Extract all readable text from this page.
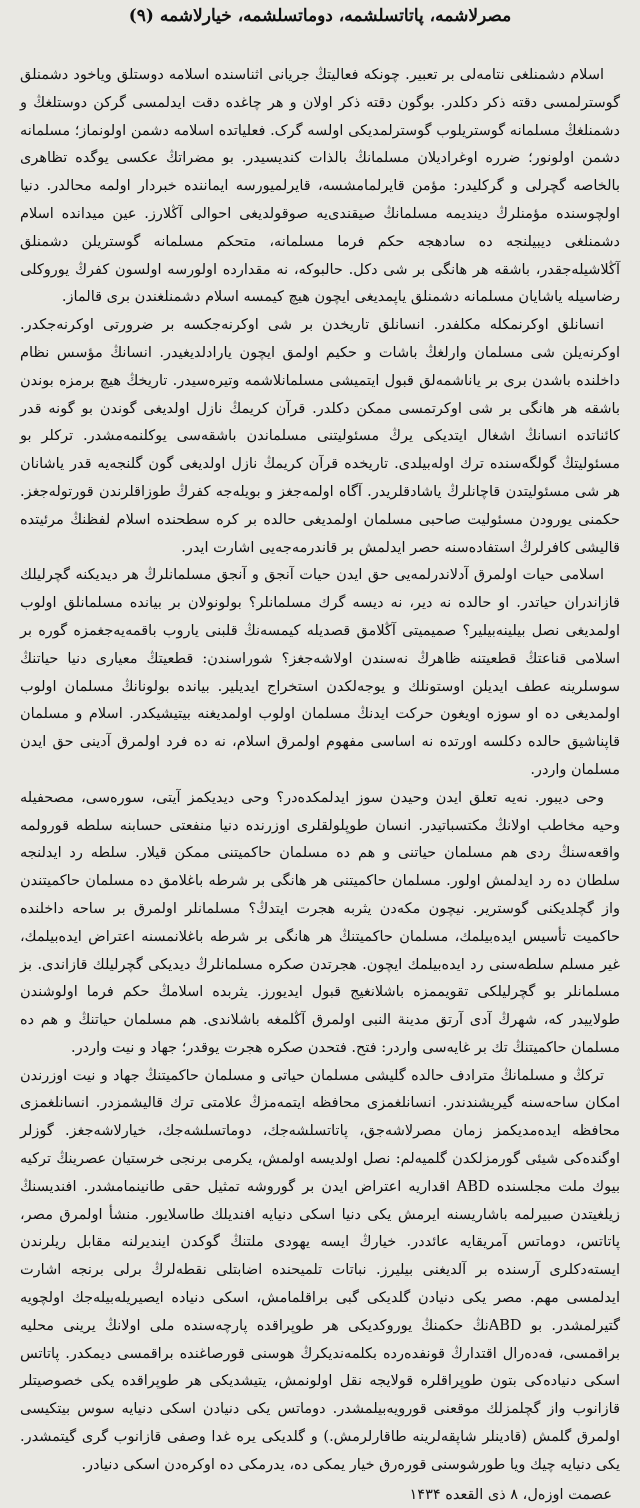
مصرلاشمه، پاتاتسلشمه، دوماتسلشمه، خیارلاشمه (۹)

اسلام دشمنلغی نتامه‌لی بر تعبیر. چونکه فعالیتڭ جریانی اثناسنده اسلامه دوستلق ویاخود دشمنلق گوسترلمسی دقته ذکر دکلدر. بوگون دقته ذکر اولان و هر چاغده دقت ایدلمسی گرکن دوستلغڭ و دشمنلغڭ مسلمانه گوستریلوب گوسترلمدیکی اولسه گرک. فعلیاتده اسلامه دشمن اولونماز؛ مسلمانه دشمن اولونور؛ ضرره اوغرادیلان مسلمانڭ بالذات کندیسیدر. بو مضراتڭ عکسی یوگده تظاهری بالخاصه گچرلی و گرکلیدر: مؤمن قایرلمامشسه، قایرلمیورسه ایماننده خبردار اولمه محالدر. دنیا اولچوسنده مؤمنلرڭ دیندیمه مسلمانڭ صیقندی‌یه صوقولدیغی احوالی آڭلارز. عین میدانده اسلام دشمنلغی دیبیلنجه ده سادهجه حکم فرما مسلمانه، متحکم مسلمانه گوستریلن دشمنلق آڭلاشیله‌جقدر، باشقه هر هانگی بر شی دکل. حالبوکه، نه مقدارده اولورسه اولسون کفرڭ یوروکلی رضاسیله یاشایان مسلمانه دشمنلق یاپمدیغی ایچون هیچ کیمسه اسلام دشمنلغندن بری قالماز.

انسانلق اوکرنمکله مکلفدر. انسانلق تاریخدن بر شی اوکرنه‌جکسه بر ضرورتی اوکرنه‌جکدر. اوکرنه‌یلن شی مسلمان وارلغڭ باشات و حکیم اولمق ایچون یارادلدیغیدر. انسانڭ مؤسس نظام داخلنده باشدن بری بر یاناشمه‌لق قبول ایتمیشی مسلمانلاشمه وتیره‌سیدر. تاریخڭ هیچ برمزه بوندن باشقه هر هانگی بر شی اوکرتمسی ممکن دکلدر. قرآن کریمڭ نازل اولدیغی گوندن بو گونه قدر کائناتده انسانڭ اشغال ایتدیکی یرڭ مسئولیتنی مسلماندن باشقه‌سی یوکلنمه‌مشدر. ترکلر بو مسئولیتڭ گولگه‌سنده ترك اوله‌بیلدی. تاریخده قرآن کریمڭ نازل اولدیغی گون گلنجه‌یه قدر یاشانان هر شی مسئولیتدن قاچانلرڭ یاشادقلریدر. آگاه اولمه‌جغز و بویله‌جه کفرڭ طوزاقلرندن قورتوله‌جغز. حکمنی یورودن مسئولیت صاحبی مسلمان اولمدیغی حالده بر کره سطحنده اسلام لفظنڭ مرئیتده قالیشی کافرلرڭ استفاده‌سنه حصر ایدلمش بر قاندرمه‌جه‌یی اشارت ایدر.

اسلامی حیات اولمرق آدلاندرلمه‌یی حق ایدن حیات آنجق و آنجق مسلمانلرڭ هر دیدیکنه گچرلیلك قازاندران حیاتدر. او حالده نه دیر، نه دیسه گرك مسلمانلر؟ بولونولان بر بیانده مسلمانلق اولوب اولمدیغی نصل بیلینه‌بیلیر؟ صمیمیتی آڭلامق قصدیله کیمسه‌نڭ قلبنی یاروب باقمه‌یه‌جغمزه گوره بر اسلامی قناعتڭ قطعیتنه ظاهرڭ نه‌سندن اولاشه‌جغز؟ شوراسندن: قطعیتڭ معیاری دنیا حیاتنڭ سوسلرینه عطف ایدیلن اوستونلك و یوجه‌لكدن استخراج ایدیلیر. بیانده بولونانڭ مسلمان اولوب اولمدیغی ده او سوزه اویغون حرکت ایدنڭ مسلمان اولوب اولمدیغنه بیتیشیکدر. اسلام و مسلمان قاپناشیق حالده دکلسه اورتده نه اساسی مفهوم اولمرق اسلام، نه ده فرد اولمرق آدینی حق ایدن مسلمان واردر.

وحی دیبور. نه‌یه تعلق ایدن وحیدن سوز ایدلمکده‌در؟ وحی دیدیکمز آیتی، سوره‌سی، مصحفیله وحیه مخاطب اولانڭ مکتسباتیدر. انسان طوپلولقلری اوزرنده دنیا منفعتی حسابنه سلطه قورولمه واقعه‌سنڭ ردی هم مسلمان حیاتنی و هم ده مسلمان حاکمیتنی ممکن قیلار. سلطه رد ایدلنجه سلطان ده رد ایدلمش اولور. مسلمان حاکمیتنی هر هانگی بر شرطه باغلامق ده مسلمان حاکمیتندن واز گچلدیکنی گوستریر. نیچون مکه‌دن یثربه هجرت ایتدڭ؟ مسلمانلر اولمرق بر ساحه داخلنده حاکمیت تأسیس ایده‌بیلمك، مسلمان حاکمیتنڭ هر هانگی بر شرطه باغلانمسنه اعتراض ایده‌بیلمك، غیر مسلم سلطه‌سنی رد ایده‌بیلمك ایچون. هجرتدن صکره مسلمانلرڭ دیدیکی گچرلیلك قازاندی. بز مسلمانلر بو گچرلیلکی تقویممزه باشلانغیج قبول ایدیورز. یثربده اسلامڭ حکم فرما اولوشندن طولاییدر که، شهرڭ آدی آرتق مدینة النبی اولمرق آڭلمغه باشلاندی. هم مسلمان حیاتنڭ و هم ده مسلمان حاکمیتنڭ تك بر غایه‌سی واردر: فتح. فتحدن صکره هجرت یوقدر؛ جهاد و نیت واردر.

ترکڭ و مسلمانڭ مترادف حالده گلیشی مسلمان حیاتی و مسلمان حاکمیتنڭ جهاد و نیت اوزرندن امکان ساحه‌سنه گیریشندندر. انسانلغمزی محافظه ایتمه‌مزڭ علامتی ترك قالیشمزدر. انسانلغمزی محافظه ایده‌مدیکمز زمان مصرلاشه‌جق، پاتاتسلشه‌جك، دوماتسلشه‌جك، خیارلاشه‌جغز. گوزلر اوگنده‌کی شیئی گورمزلکدن گلمیه‌لم: نصل اولدیسه اولمش، یکرمی برنجی خرستیان عصرینڭ ترکیه بیوك ملت مجلسنده ABD اقداریه اعتراض ایدن بر گوروشه تمثیل حقی طانینمامشدر. افندیسنڭ زیلغیتدن صبیرلمه باشاریسنه ایرمش یکی دنیا اسکی دنیایه افندیلك طاسلایور. منشأ اولمرق مصر، پاتاتس، دوماتس آمریقایه عائددر. خیارڭ ایسه یهودی ملتنڭ گوکدن ایندیرلنه مقابل ریلرندن ایسته‌دکلری آرسنده بر آلدیغنی بیلیرز. نباتات تلمیحنده اضابتلی نقطه‌لرڭ برلی برنجه اشارت ایدلمسی مهم. مصر یکی دنیادن گلدیکی گبی براقلمامش، اسکی دنیاده ایصیریله‌بیله‌جك اولچویه گتیرلمشدر. بو ABDنڭ حکمنڭ یوروکدیکی هر طوپراقده پارچه‌سنده ملی اولانڭ یرینی محلیه براقمسی، فه‌ده‌رال اقتدارڭ قونفده‌رده بکلمه‌ندیکرڭ هوسنی قورصاغنده براقمسی دیمکدر. پاتاتس اسکی دنیاده‌کی بتون طوپراقلره قولایجه نقل اولونمش، یتیشدیکی هر طوپراقده یکی خصوصیتلر قازانوب واز گچلمزلك موقعنی قورویه‌بیلمشدر. دوماتس یکی دنیادن اسکی دنیایه سوس بیتکیسی اولمرق گلمش (قادینلر شاپقه‌لرینه طاقارلرمش.) و گلدیکی یره غدا وصفی قازانوب گری گیتمشدر. یکی دنیایه چیك ویا طورشوسنی قوره‌رق خیار یمکی ده، یدرمکی ده اوکره‌دن اسکی دنیادر.

عصمت اوزەل، ۸ ذی القعده ۱۴۳۴
